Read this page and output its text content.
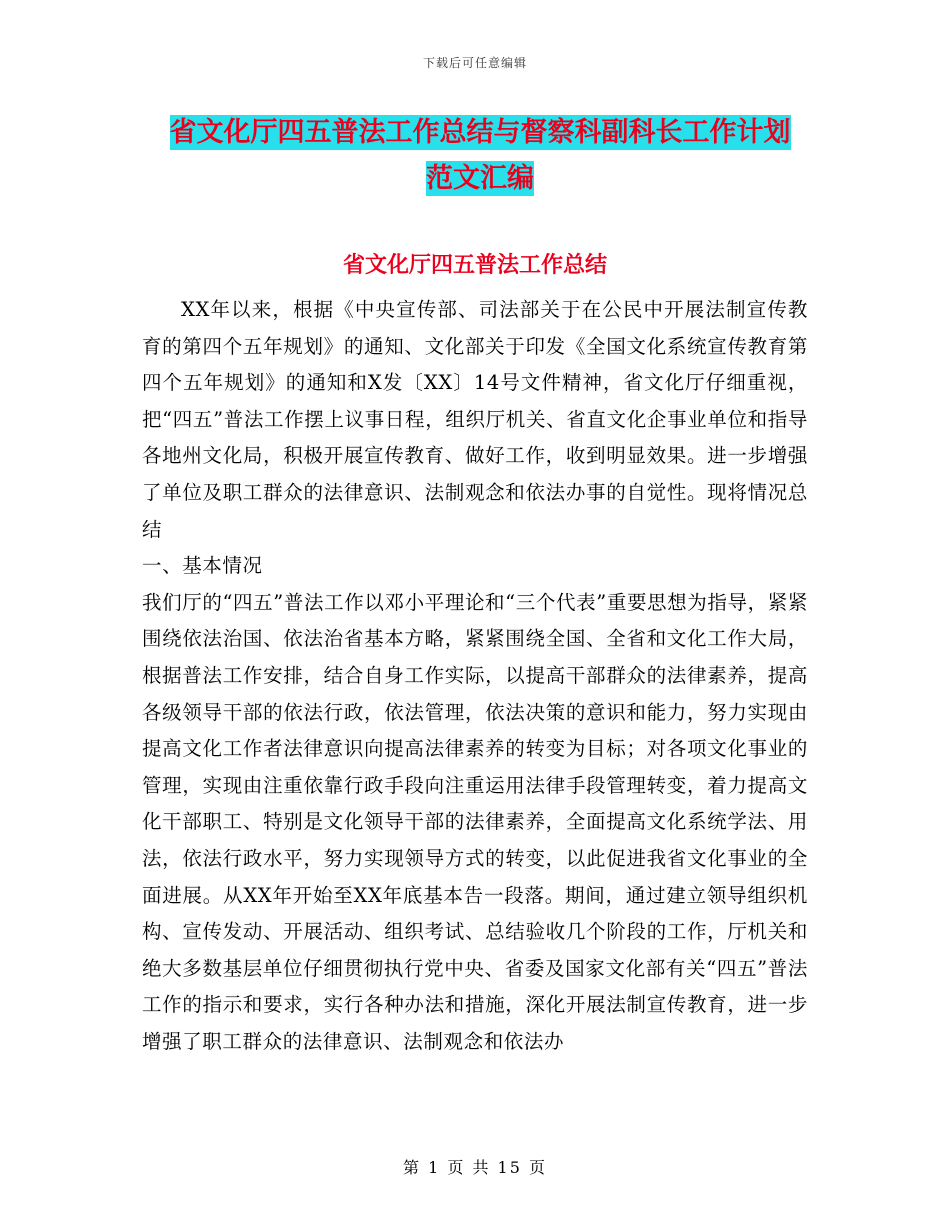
下载后可任意编辑
省文化厅四五普法工作总结与督察科副科长工作计划
范文汇编
省文化厅四五普法工作总结

XX年以来，根据《中央宣传部、司法部关于在公民中开展法制宣传教育的第四个五年规划》的通知、文化部关于印发《全国文化系统宣传教育第四个五年规划》的通知和X发〔XX〕14号文件精神，省文化厅仔细重视，把“四五”普法工作摆上议事日程，组织厅机关、省直文化企事业单位和指导各地州文化局，积极开展宣传教育、做好工作，收到明显效果。进一步增强了单位及职工群众的法律意识、法制观念和依法办事的自觉性。现将情况总结

一、基本情况

我们厅的“四五”普法工作以邓小平理论和“三个代表”重要思想为指导，紧紧围绕依法治国、依法治省基本方略，紧紧围绕全国、全省和文化工作大局，根据普法工作安排，结合自身工作实际，以提高干部群众的法律素养，提高各级领导干部的依法行政，依法管理，依法决策的意识和能力，努力实现由提高文化工作者法律意识向提高法律素养的转变为目标；对各项文化事业的管理，实现由注重依靠行政手段向注重运用法律手段管理转变，着力提高文化干部职工、特别是文化领导干部的法律素养，全面提高文化系统学法、用法，依法行政水平，努力实现领导方式的转变，以此促进我省文化事业的全面进展。从XX年开始至XX年底基本告一段落。期间，通过建立领导组织机构、宣传发动、开展活动、组织考试、总结验收几个阶段的工作，厅机关和绝大多数基层单位仔细贯彻执行党中央、省委及国家文化部有关“四五”普法工作的指示和要求，实行各种办法和措施，深化开展法制宣传教育，进一步增强了职工群众的法律意识、法制观念和依法办

第 1 页 共 15 页
